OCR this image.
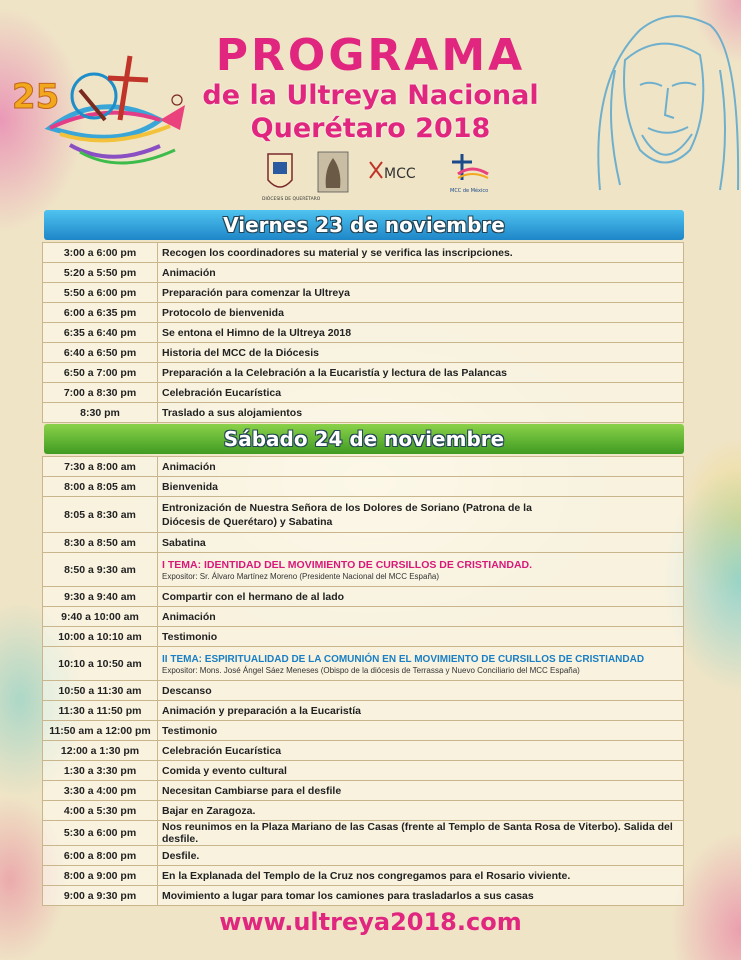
25
PROGRAMA
de la Ultreya Nacional
Querétaro 2018
DIÓCESIS DE QUERÉTARO
MCC
MCC de México
Viernes 23 de noviembre
3:00 a 6:00 pm	Recogen los coordinadores su material y se verifica las inscripciones.
5:20 a 5:50 pm	Animación
5:50 a 6:00 pm	Preparación para comenzar la Ultreya
6:00 a 6:35 pm	Protocolo de bienvenida
6:35 a 6:40 pm	Se entona el Himno de la Ultreya 2018
6:40 a 6:50 pm	Historia del MCC de la Diócesis
6:50 a 7:00 pm	Preparación a la Celebración a la Eucaristía y lectura de las Palancas
7:00 a 8:30 pm	Celebración Eucarística
8:30 pm	Traslado a sus alojamientos
Sábado 24 de noviembre
7:30 a 8:00 am	Animación
8:00 a 8:05 am	Bienvenida
8:05 a 8:30 am	Entronización de Nuestra Señora de los Dolores de Soriano (Patrona de la Diócesis de Querétaro) y Sabatina
8:30 a 8:50 am	Sabatina
8:50 a 9:30 am	I TEMA: IDENTIDAD DEL MOVIMIENTO DE CURSILLOS DE CRISTIANDAD.
Expositor: Sr. Álvaro Martínez Moreno (Presidente Nacional del MCC España)

9:30 a 9:40 am	Compartir con el hermano de al lado
9:40 a 10:00 am	Animación
10:00 a 10:10 am	Testimonio
10:10 a 10:50 am	II TEMA: ESPIRITUALIDAD DE LA COMUNIÓN EN EL MOVIMIENTO DE CURSILLOS DE CRISTIANDAD
Expositor: Mons. José Ángel Sáez Meneses (Obispo de la diócesis de Terrassa y Nuevo Conciliario del MCC España)

10:50 a 11:30 am	Descanso
11:30 a 11:50 pm	Animación y preparación a la Eucaristía
11:50 am a 12:00 pm	Testimonio
12:00 a 1:30 pm	Celebración Eucarística
1:30 a 3:30 pm	Comida y evento cultural
3:30 a 4:00 pm	Necesitan Cambiarse para el desfile
4:00 a 5:30 pm	Bajar en Zaragoza.
5:30 a 6:00 pm	Nos reunimos en la Plaza Mariano de las Casas (frente al Templo de Santa Rosa de Viterbo). Salida del desfile.
6:00 a 8:00 pm	Desfile.
8:00 a 9:00 pm	En la Explanada del Templo de la Cruz nos congregamos para el Rosario viviente.
9:00 a 9:30 pm	Movimiento a lugar para tomar los camiones para trasladarlos a sus casas
www.ultreya2018.com
